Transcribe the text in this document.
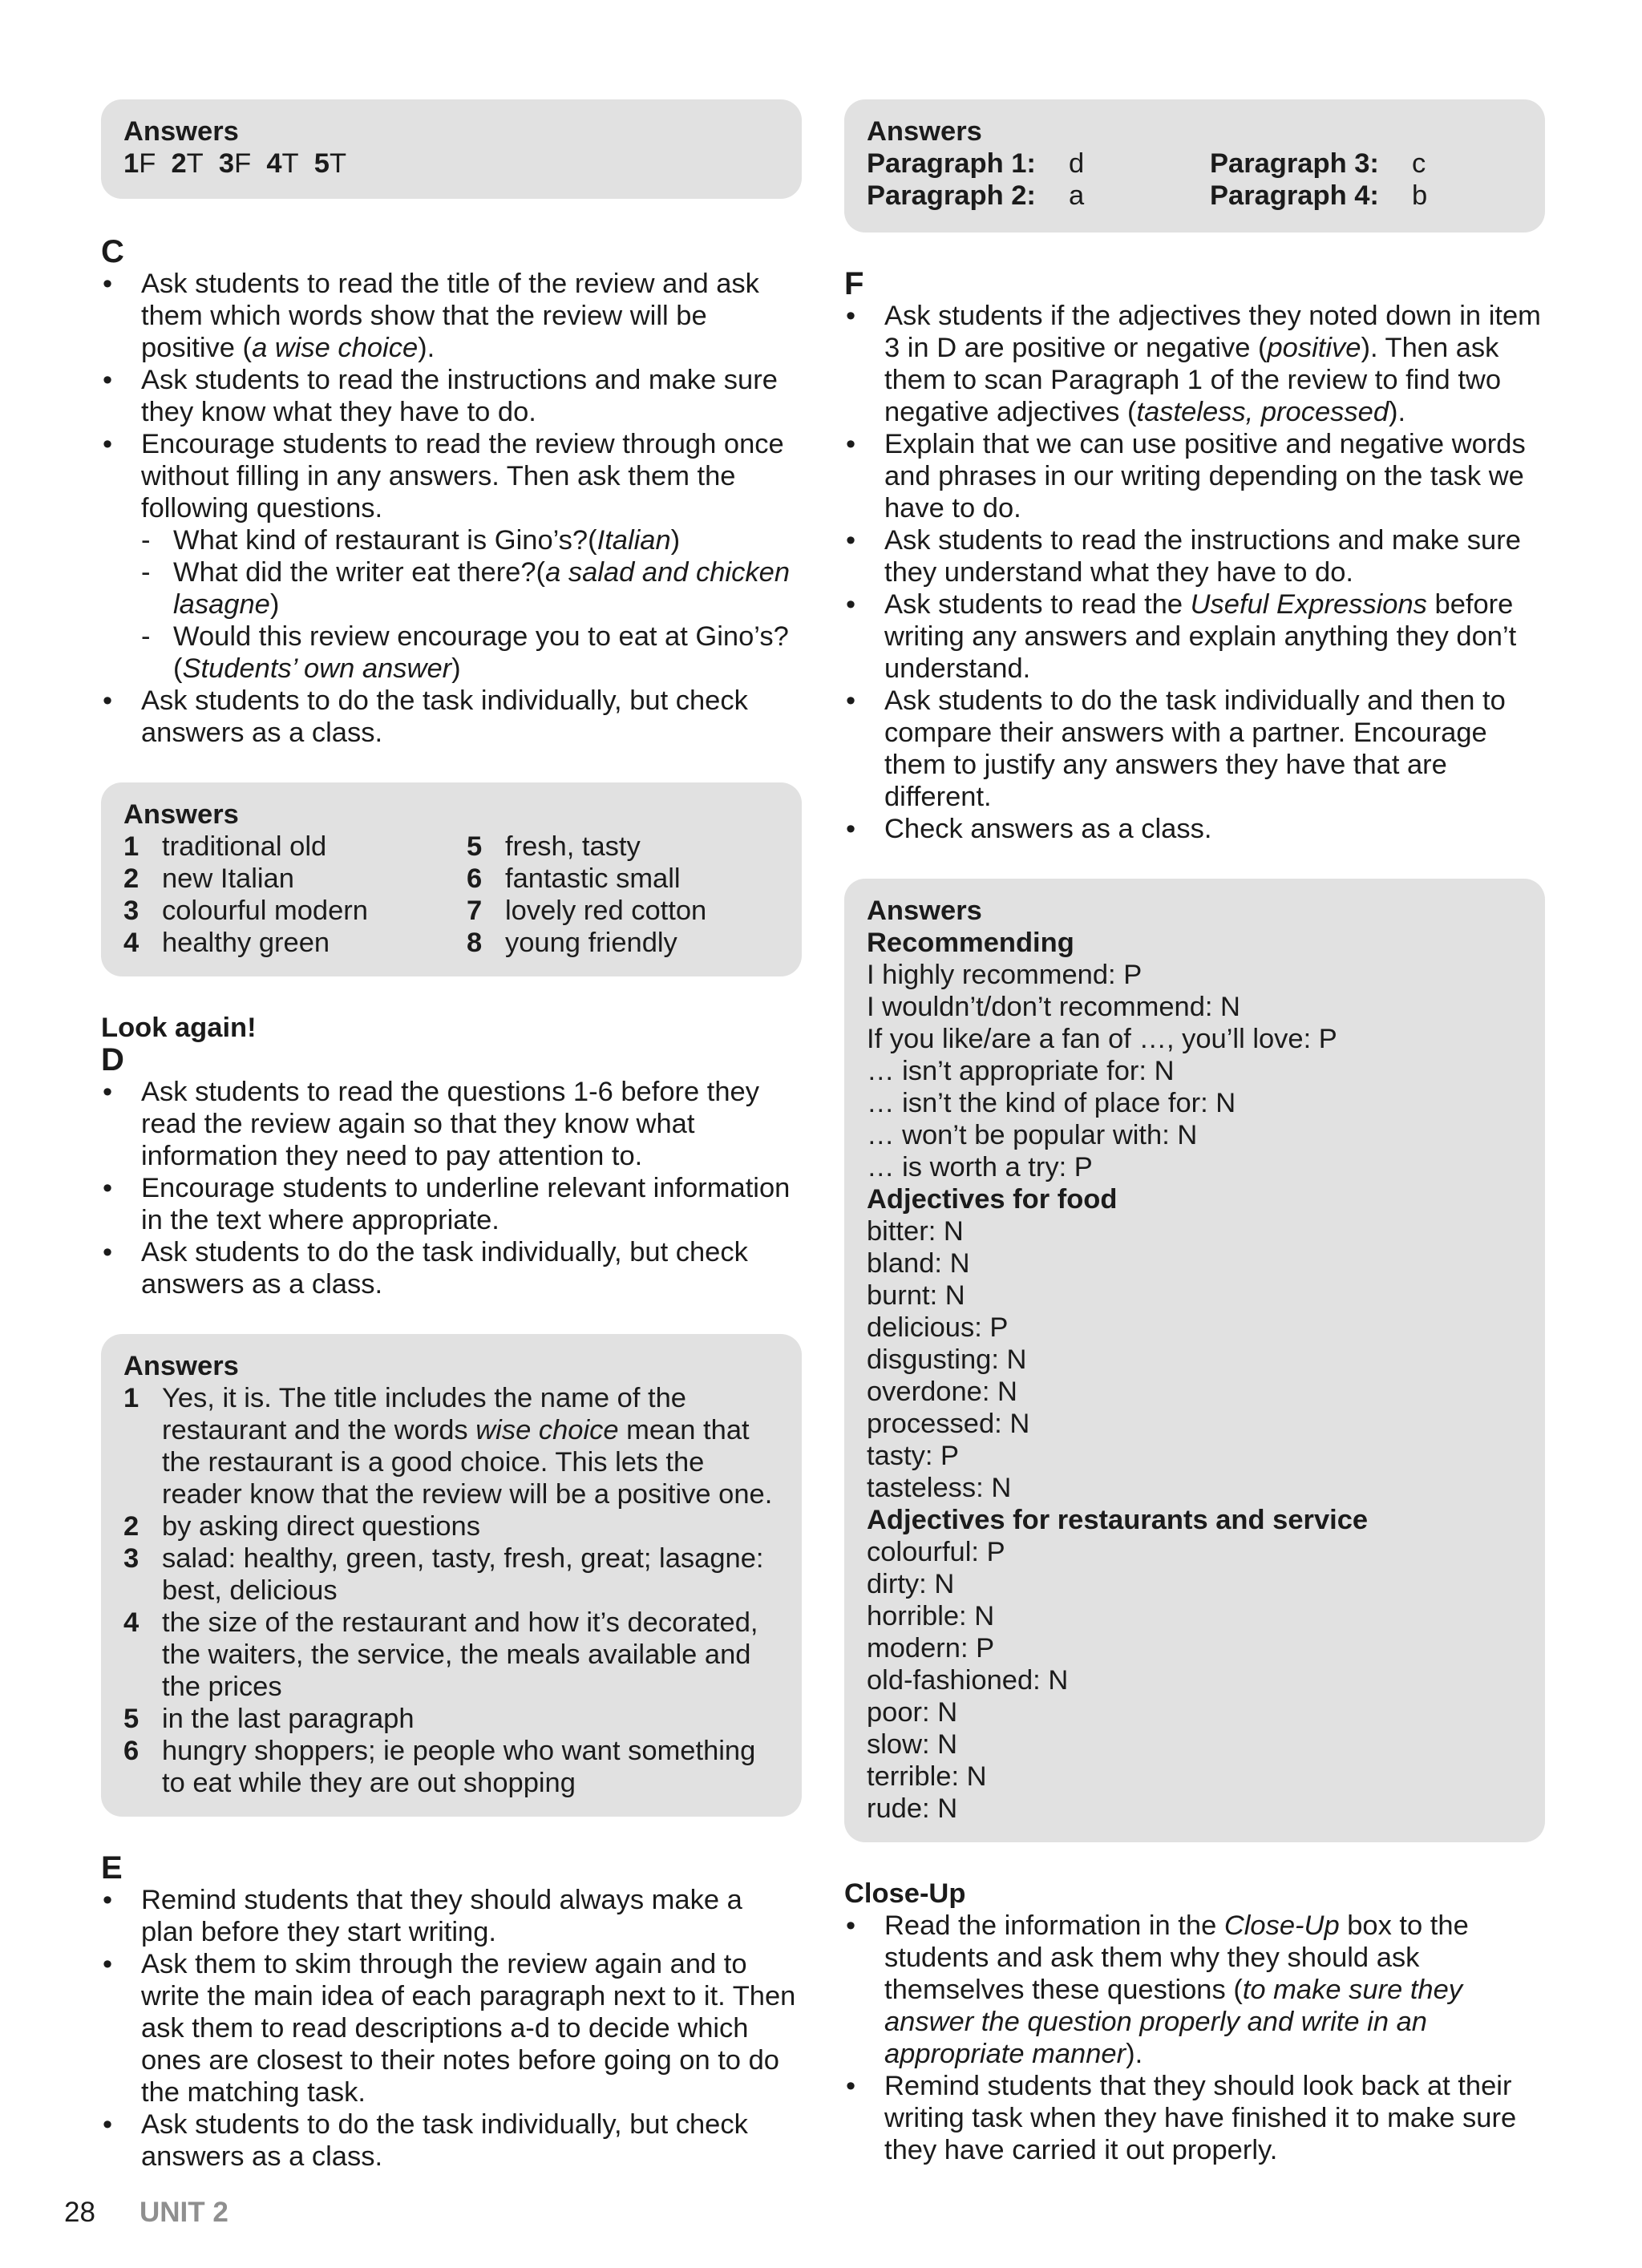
Answers
1F 2T 3F 4T 5T
C
• Ask students to read the title of the review and ask them which words show that the review will be positive (a wise choice).
• Ask students to read the instructions and make sure they know what they have to do.
• Encourage students to read the review through once without filling in any answers. Then ask them the following questions.
- What kind of restaurant is Gino’s?(Italian)
- What did the writer eat there?(a salad and chicken lasagne)
- Would this review encourage you to eat at Gino’s? (Students’ own answer)
• Ask students to do the task individually, but check answers as a class.
Answers
1 traditional old	5 fresh, tasty
2 new Italian	6 fantastic small
3 colourful modern	7 lovely red cotton
4 healthy green	8 young friendly
Look again!
D
• Ask students to read the questions 1-6 before they read the review again so that they know what information they need to pay attention to.
• Encourage students to underline relevant information in the text where appropriate.
• Ask students to do the task individually, but check answers as a class.
Answers
1 Yes, it is. The title includes the name of the restaurant and the words wise choice mean that the restaurant is a good choice. This lets the reader know that the review will be a positive one.
2 by asking direct questions
3 salad: healthy, green, tasty, fresh, great; lasagne: best, delicious
4 the size of the restaurant and how it’s decorated, the waiters, the service, the meals available and the prices
5 in the last paragraph
6 hungry shoppers; ie people who want something to eat while they are out shopping
E
• Remind students that they should always make a plan before they start writing.
• Ask them to skim through the review again and to write the main idea of each paragraph next to it. Then ask them to read descriptions a-d to decide which ones are closest to their notes before going on to do the matching task.
• Ask students to do the task individually, but check answers as a class.
Answers
Paragraph 1:	d	Paragraph 3:	c
Paragraph 2:	a	Paragraph 4:	b
F
• Ask students if the adjectives they noted down in item 3 in D are positive or negative (positive). Then ask them to scan Paragraph 1 of the review to find two negative adjectives (tasteless, processed).
• Explain that we can use positive and negative words and phrases in our writing depending on the task we have to do.
• Ask students to read the instructions and make sure they understand what they have to do.
• Ask students to read the Useful Expressions before writing any answers and explain anything they don’t understand.
• Ask students to do the task individually and then to compare their answers with a partner. Encourage them to justify any answers they have that are different.
• Check answers as a class.
Answers
Recommending
I highly recommend: P
I wouldn’t/don’t recommend: N
If you like/are a fan of …, you’ll love: P
… isn’t appropriate for: N
… isn’t the kind of place for: N
… won’t be popular with: N
… is worth a try: P
Adjectives for food
bitter: N
bland: N
burnt: N
delicious: P
disgusting: N
overdone: N
processed: N
tasty: P
tasteless: N
Adjectives for restaurants and service
colourful: P
dirty: N
horrible: N
modern: P
old-fashioned: N
poor: N
slow: N
terrible: N
rude: N
Close-Up
• Read the information in the Close-Up box to the students and ask them why they should ask themselves these questions (to make sure they answer the question properly and write in an appropriate manner).
• Remind students that they should look back at their writing task when they have finished it to make sure they have carried it out properly.
28 UNIT 2
